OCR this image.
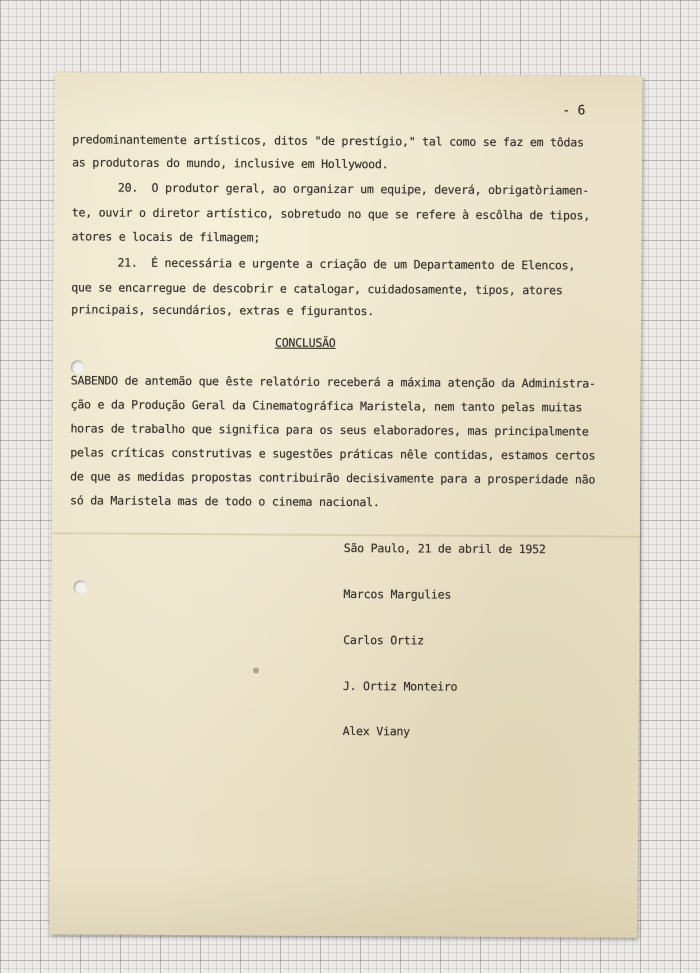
- 6
predominantemente artísticos, ditos "de prestígio," tal como se faz em tôdas
as produtoras do mundo, inclusive em Hollywood.
20.  O produtor geral, ao organizar um equipe, deverá, obrigatòriamen-
te, ouvir o diretor artístico, sobretudo no que se refere à escôlha de tipos,
atores e locais de filmagem;
21.  É necessária e urgente a criação de um Departamento de Elencos,
que se encarregue de descobrir e catalogar, cuidadosamente, tipos, atores
principais, secundários, extras e figurantos.
CONCLUSÃO
SABENDO de antemão que êste relatório receberá a máxima atenção da Administra-
ção e da Produção Geral da Cinematográfica Maristela, nem tanto pelas muitas
horas de trabalho que significa para os seus elaboradores, mas principalmente
pelas críticas construtivas e sugestões práticas nêle contidas, estamos certos
de que as medidas propostas contribuirão decisivamente para a prosperidade não
só da Maristela mas de todo o cinema nacional.
São Paulo, 21 de abril de 1952
Marcos Margulies
Carlos Ortiz
J. Ortiz Monteiro
Alex Viany
